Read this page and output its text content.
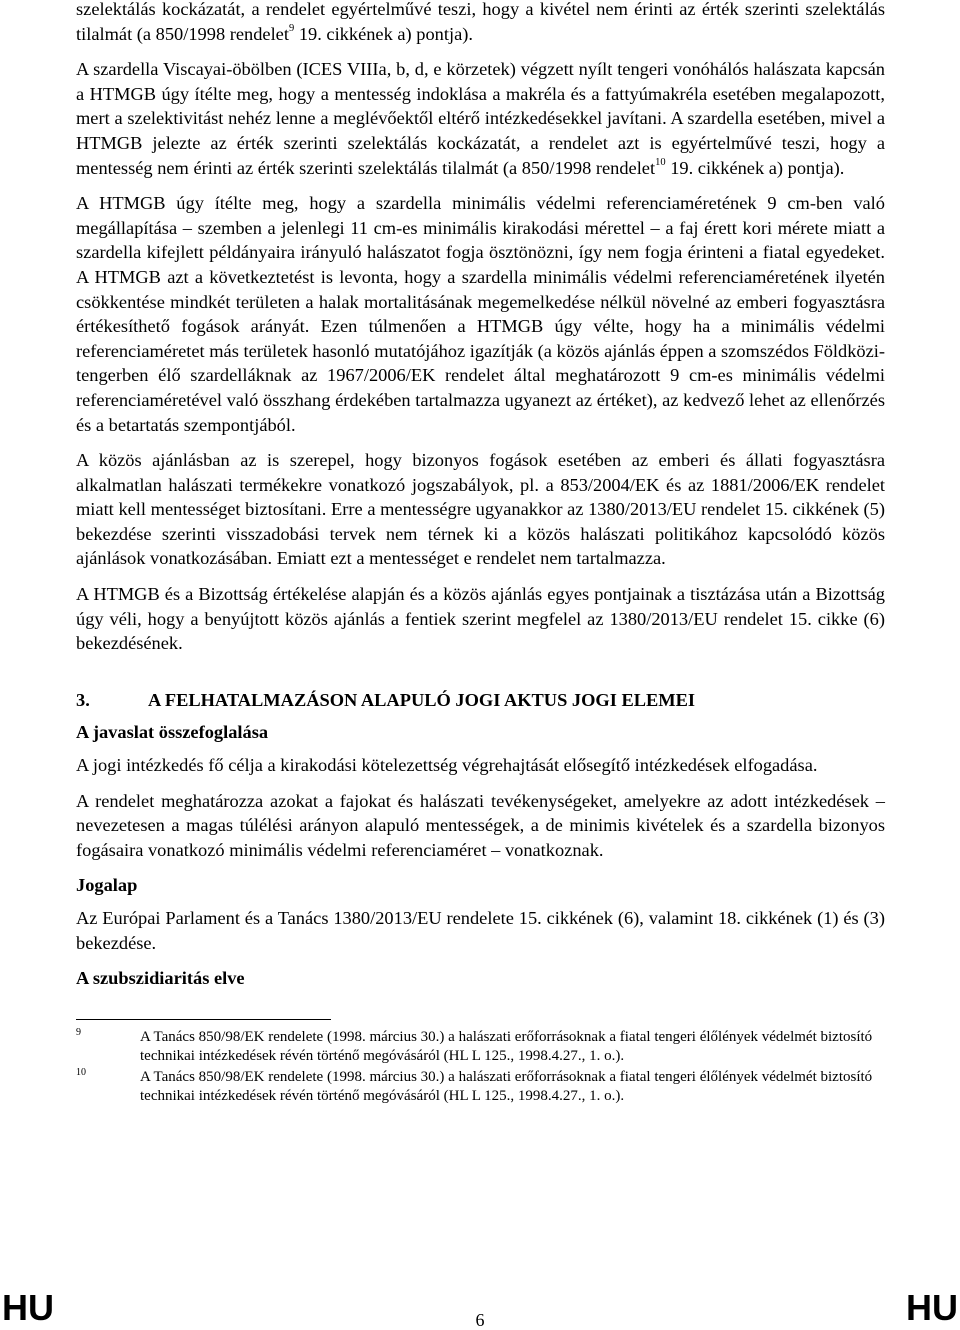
szelektálás kockázatát, a rendelet egyértelművé teszi, hogy a kivétel nem érinti az érték szerinti szelektálás tilalmát (a 850/1998 rendelet$^9$ 19. cikkének a) pontja).

A szardella Viscayai-öbölben (ICES VIIIa, b, d, e körzetek) végzett nyílt tengeri vonóhálós halászata kapcsán a HTMGB úgy ítélte meg, hogy a mentesség indoklása a makréla és a fattyúmakréla esetében megalapozott, mert a szelektivitást nehéz lenne a meglévőektől eltérő intézkedésekkel javítani. A szardella esetében, mivel a HTMGB jelezte az érték szerinti szelektálás kockázatát, a rendelet azt is egyértelművé teszi, hogy a mentesség nem érinti az érték szerinti szelektálás tilalmát (a 850/1998 rendelet$^{10}$ 19. cikkének a) pontja).

A HTMGB úgy ítélte meg, hogy a szardella minimális védelmi referenciaméretének 9 cm-ben való megállapítása – szemben a jelenlegi 11 cm-es minimális kirakodási mérettel – a faj érett kori mérete miatt a szardella kifejlett példányaira irányuló halászatot fogja ösztönözni, így nem fogja érinteni a fiatal egyedeket. A HTMGB azt a következtetést is levonta, hogy a szardella minimális védelmi referenciaméretének ilyetén csökkentése mindkét területen a halak mortalitásának megemelkedése nélkül növelné az emberi fogyasztásra értékesíthető fogások arányát. Ezen túlmenően a HTMGB úgy vélte, hogy ha a minimális védelmi referenciaméretet más területek hasonló mutatójához igazítják (a közös ajánlás éppen a szomszédos Földközi-tengerben élő szardelláknak az 1967/2006/EK rendelet által meghatározott 9 cm-es minimális védelmi referenciaméretével való összhang érdekében tartalmazza ugyanezt az értéket), az kedvező lehet az ellenőrzés és a betartatás szempontjából.

A közös ajánlásban az is szerepel, hogy bizonyos fogások esetében az emberi és állati fogyasztásra alkalmatlan halászati termékekre vonatkozó jogszabályok, pl. a 853/2004/EK és az 1881/2006/EK rendelet miatt kell mentességet biztosítani. Erre a mentességre ugyanakkor az 1380/2013/EU rendelet 15. cikkének (5) bekezdése szerinti visszadobási tervek nem térnek ki a közös halászati politikához kapcsolódó közös ajánlások vonatkozásában. Emiatt ezt a mentességet e rendelet nem tartalmazza.

A HTMGB és a Bizottság értékelése alapján és a közös ajánlás egyes pontjainak a tisztázása után a Bizottság úgy véli, hogy a benyújtott közös ajánlás a fentiek szerint megfelel az 1380/2013/EU rendelet 15. cikke (6) bekezdésének.

3.	A FELHATALMAZÁSON ALAPULÓ JOGI AKTUS JOGI ELEMEI
A javaslat összefoglalása

A jogi intézkedés fő célja a kirakodási kötelezettség végrehajtását elősegítő intézkedések elfogadása.

A rendelet meghatározza azokat a fajokat és halászati tevékenységeket, amelyekre az adott intézkedések – nevezetesen a magas túlélési arányon alapuló mentességek, a de minimis kivételek és a szardella bizonyos fogásaira vonatkozó minimális védelmi referenciaméret – vonatkoznak.

Jogalap

Az Európai Parlament és a Tanács 1380/2013/EU rendelete 15. cikkének (6), valamint 18. cikkének (1) és (3) bekezdése.

A szubszidiaritás elve
9	A Tanács 850/98/EK rendelete (1998. március 30.) a halászati erőforrásoknak a fiatal tengeri élőlények védelmét biztosító technikai intézkedések révén történő megóvásáról (HL L 125., 1998.4.27., 1. o.).
10	A Tanács 850/98/EK rendelete (1998. március 30.) a halászati erőforrásoknak a fiatal tengeri élőlények védelmét biztosító technikai intézkedések révén történő megóvásáról (HL L 125., 1998.4.27., 1. o.).
HU	6	HU
